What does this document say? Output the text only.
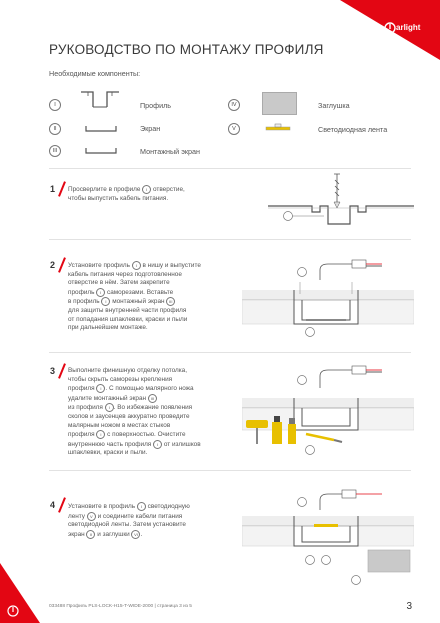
arlight
РУКОВОДСТВО ПО МОНТАЖУ ПРОФИЛЯ
Необходимые компоненты:
I	Профиль
II	Экран
III	Монтажный экран
IV	Заглушка
V	Светодиодная лента
1 Просверлите в профиле I отверстие,
чтобы выпустить кабель питания.
2 Установите профиль I в нишу и выпустите
кабель питания через подготовленное
отверстие в нём. Затем закрепите
профиль I саморезами. Вставьте
в профиль I монтажный экран III
для защиты внутренней части профиля
от попадания шпаклевки, краски и пыли
при дальнейшем монтаже.
3 Выполните финишную отделку потолка,
чтобы скрыть саморезы крепления
профиля I . С помощью малярного ножа
удалите монтажный экран III
из профиля I . Во избежание появления
сколов и заусенцев аккуратно проведите
малярным ножом в местах стыков
профиля I с поверхностью. Очистите
внутреннюю часть профиля I от излишков
шпаклевки, краски и пыли.
4 Установите в профиль I светодиодную
ленту V и соедините кабели питания
светодиодной ленты. Затем установите
экран II и заглушки VI .
033488 Профиль PLS-LOCK-H15-T-WIDE-2000 | страница 3 из 5	3
